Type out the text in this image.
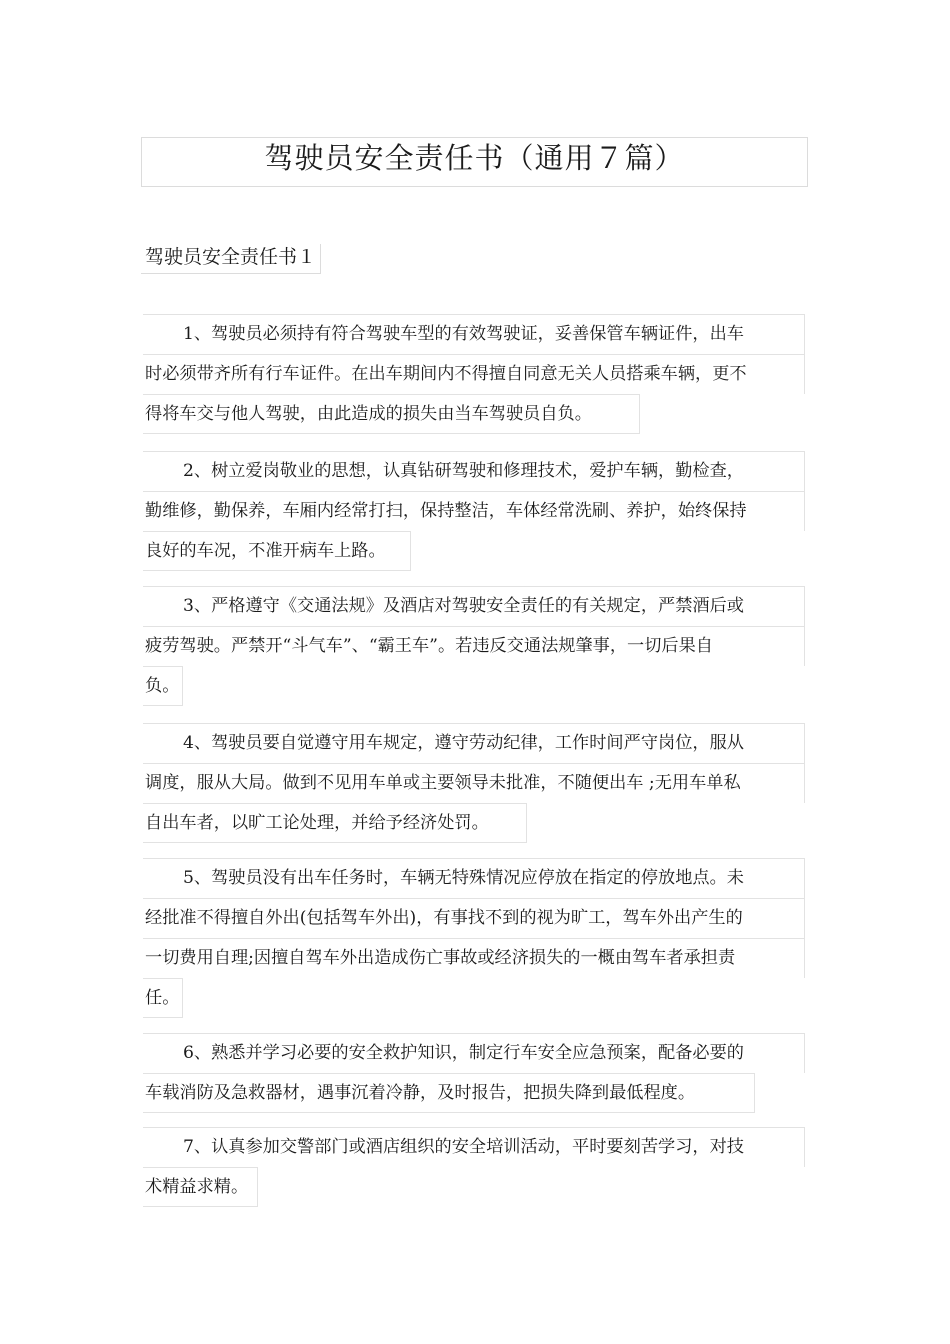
驾驶员安全责任书（通用７篇）
驾驶员安全责任书１
1、驾驶员必须持有符合驾驶车型的有效驾驶证，妥善保管车辆证件，出车
时必须带齐所有行车证件。在出车期间内不得擅自同意无关人员搭乘车辆，更不
得将车交与他人驾驶，由此造成的损失由当车驾驶员自负。
2、树立爱岗敬业的思想，认真钻研驾驶和修理技术，爱护车辆，勤检查，
勤维修，勤保养，车厢内经常打扫，保持整洁，车体经常洗刷、养护，始终保持
良好的车况，不准开病车上路。
3、严格遵守《交通法规》及酒店对驾驶安全责任的有关规定，严禁酒后或
疲劳驾驶。严禁开“斗气车”、“霸王车”。若违反交通法规肇事，一切后果自
负。
4、驾驶员要自觉遵守用车规定，遵守劳动纪律，工作时间严守岗位，服从
调度，服从大局。做到不见用车单或主要领导未批准，不随便出车 ;无用车单私
自出车者，以旷工论处理，并给予经济处罚。
5、驾驶员没有出车任务时，车辆无特殊情况应停放在指定的停放地点。未
经批准不得擅自外出(包括驾车外出)，有事找不到的视为旷工，驾车外出产生的
一切费用自理;因擅自驾车外出造成伤亡事故或经济损失的一概由驾车者承担责
任。
6、熟悉并学习必要的安全救护知识，制定行车安全应急预案，配备必要的
车载消防及急救器材，遇事沉着冷静，及时报告，把损失降到最低程度。
7、认真参加交警部门或酒店组织的安全培训活动，平时要刻苦学习，对技
术精益求精。
